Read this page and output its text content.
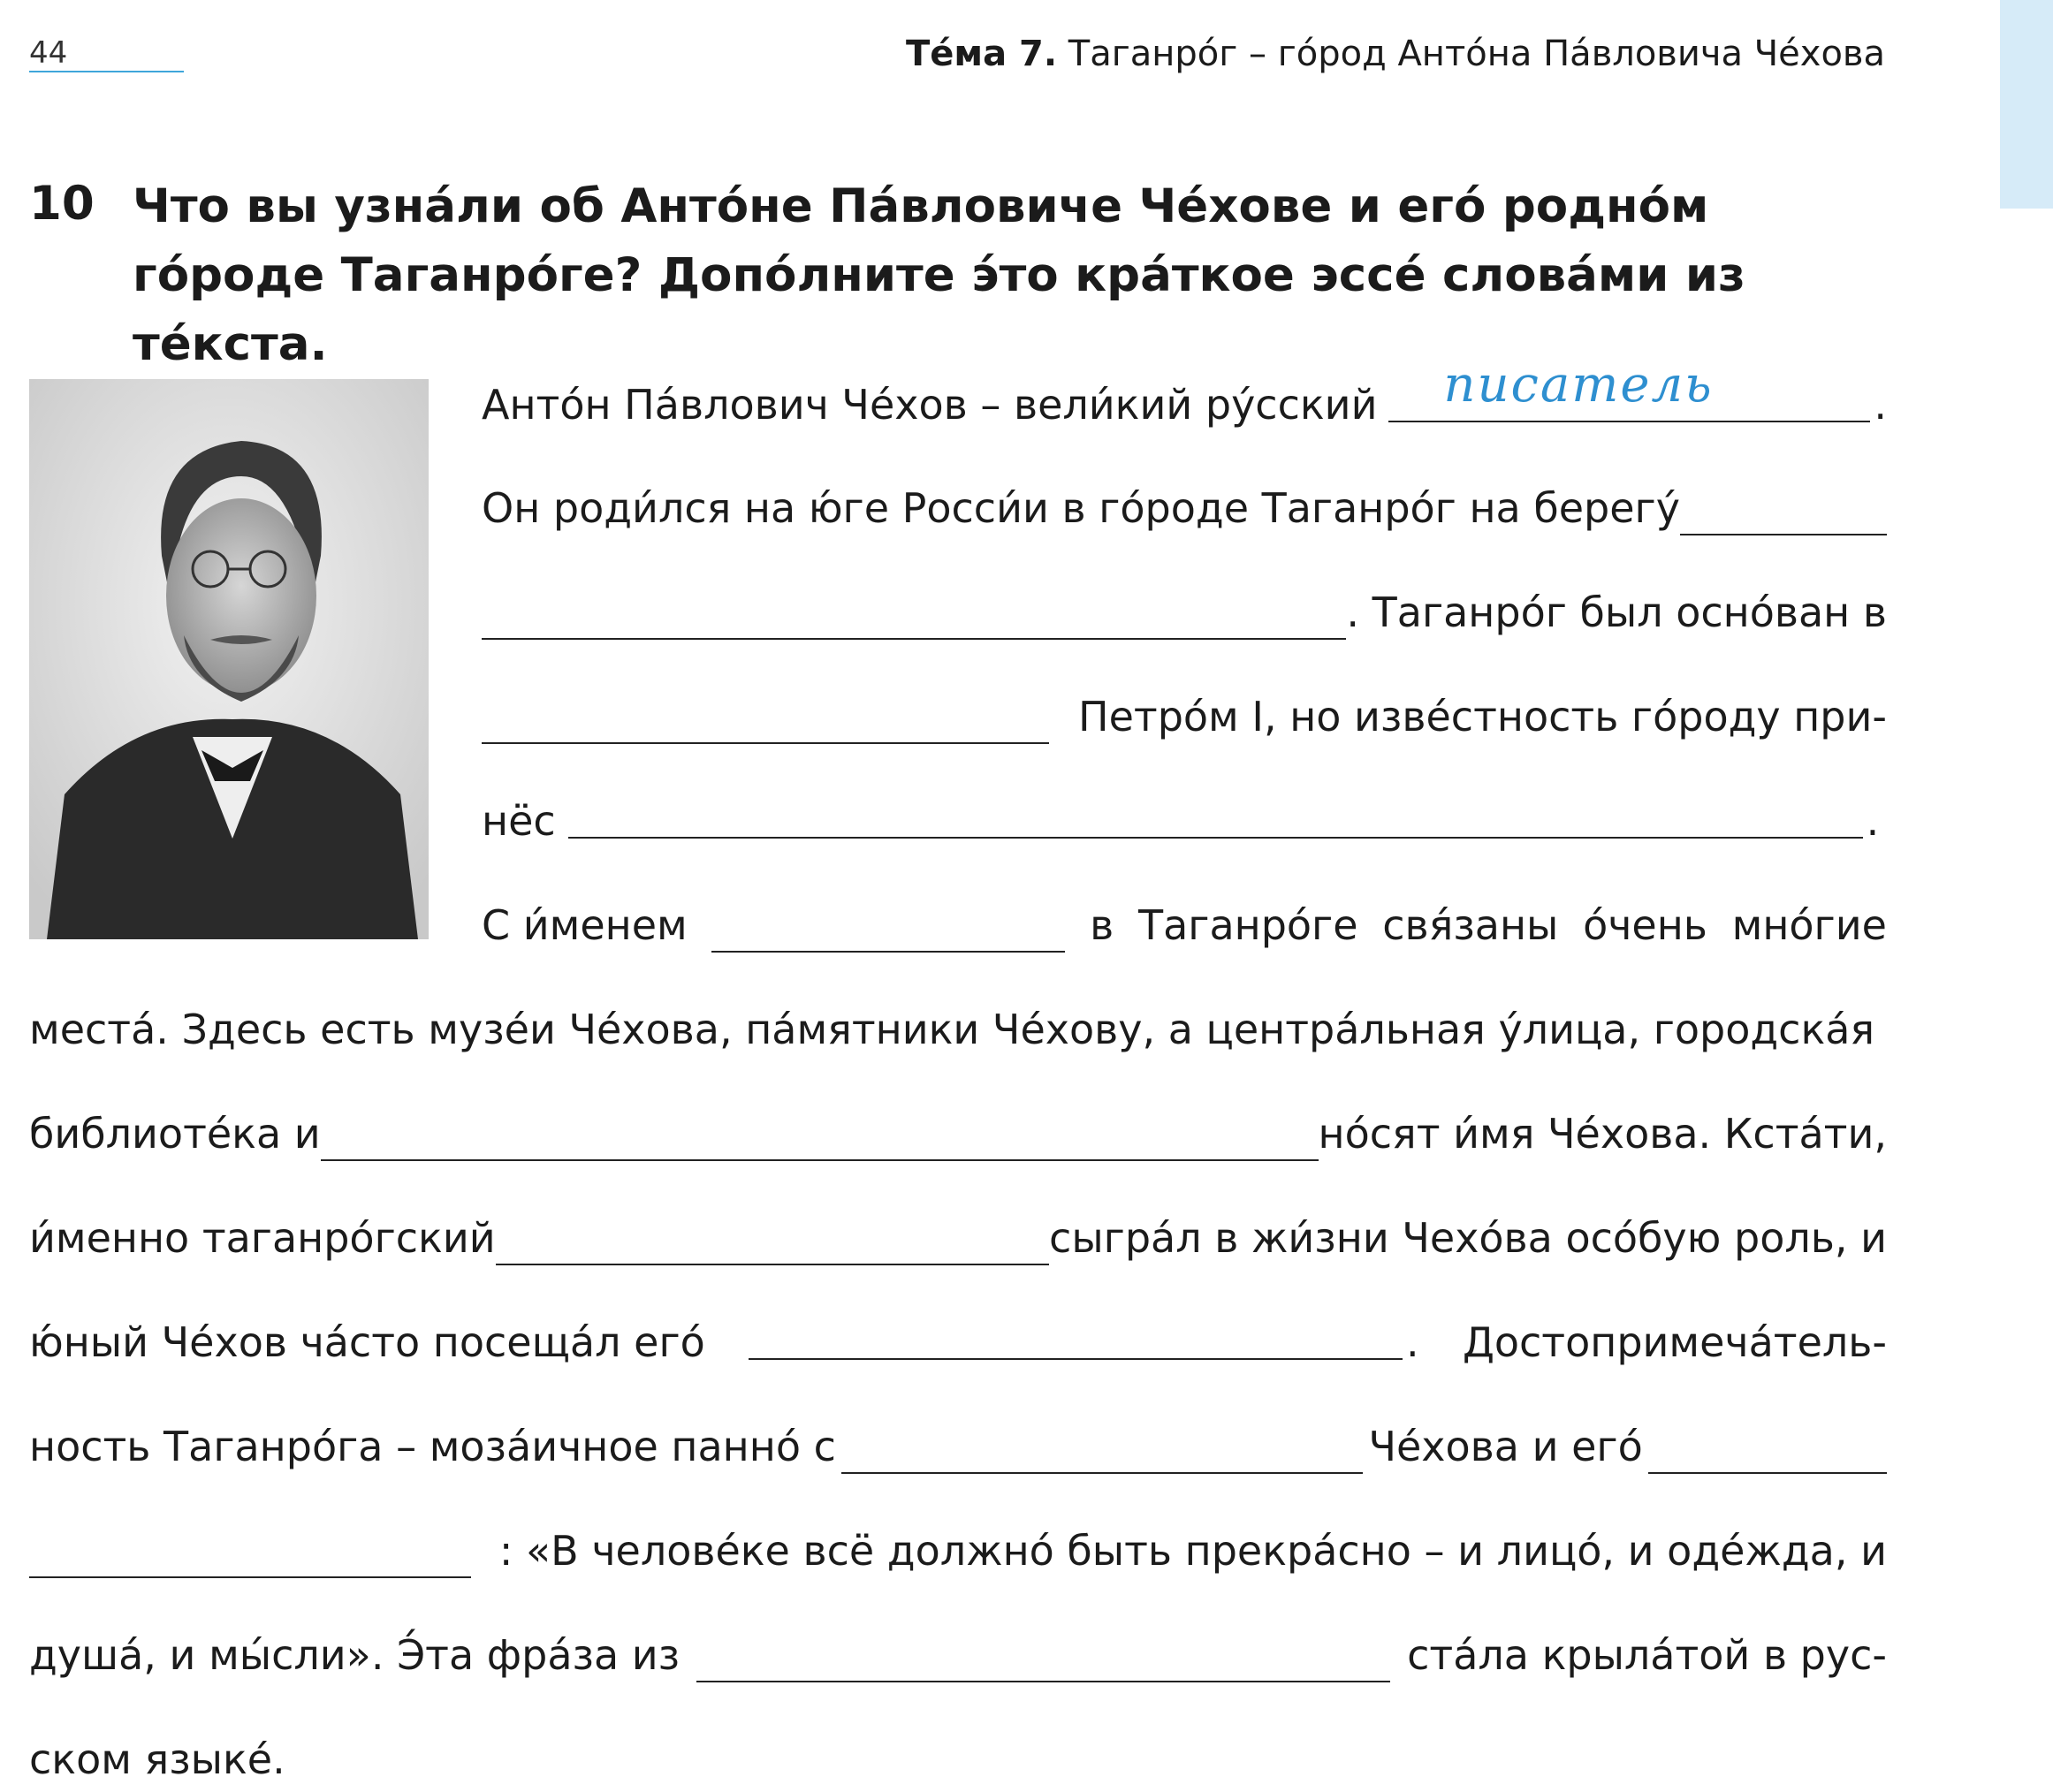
44	Те́ма 7. Таганро́г – го́род Анто́на Па́вловича Че́хова
10 Что вы узна́ли об Анто́не Па́вловиче Че́хове и его́ родно́м го́роде Таганро́ге? Допо́лните э́то кра́ткое эссе́ слова́ми из те́кста.
Анто́н Па́влович Че́хов – вели́кий ру́сский писатель	.
Он роди́лся на ю́ге Росси́и в го́роде Таганро́г на берегу́
. Таганро́г был осно́ван в
Петро́м I, но изве́стность го́роду при-
нёс	.
С и́менем	в Таганро́ге свя́заны о́чень мно́гие
места́. Здесь есть музе́и Че́хова, па́мятники Че́хову, а центра́льная у́лица, городска́я
библиоте́ка и	но́сят и́мя Че́хова. Кста́ти,
и́менно таганро́гский	сыгра́л в жи́зни Чехо́ва осо́бую роль, и
ю́ный Че́хов ча́сто посеща́л его́	. Достопримеча́тель-
ность Таганро́га – моза́ичное панно́ с	Че́хова и его́
: «В челове́ке всё должно́ быть прекра́сно – и лицо́, и оде́жда, и
душа́, и мы́сли». Э́та фра́за из	ста́ла крыла́той в рус-
ском языке́.
